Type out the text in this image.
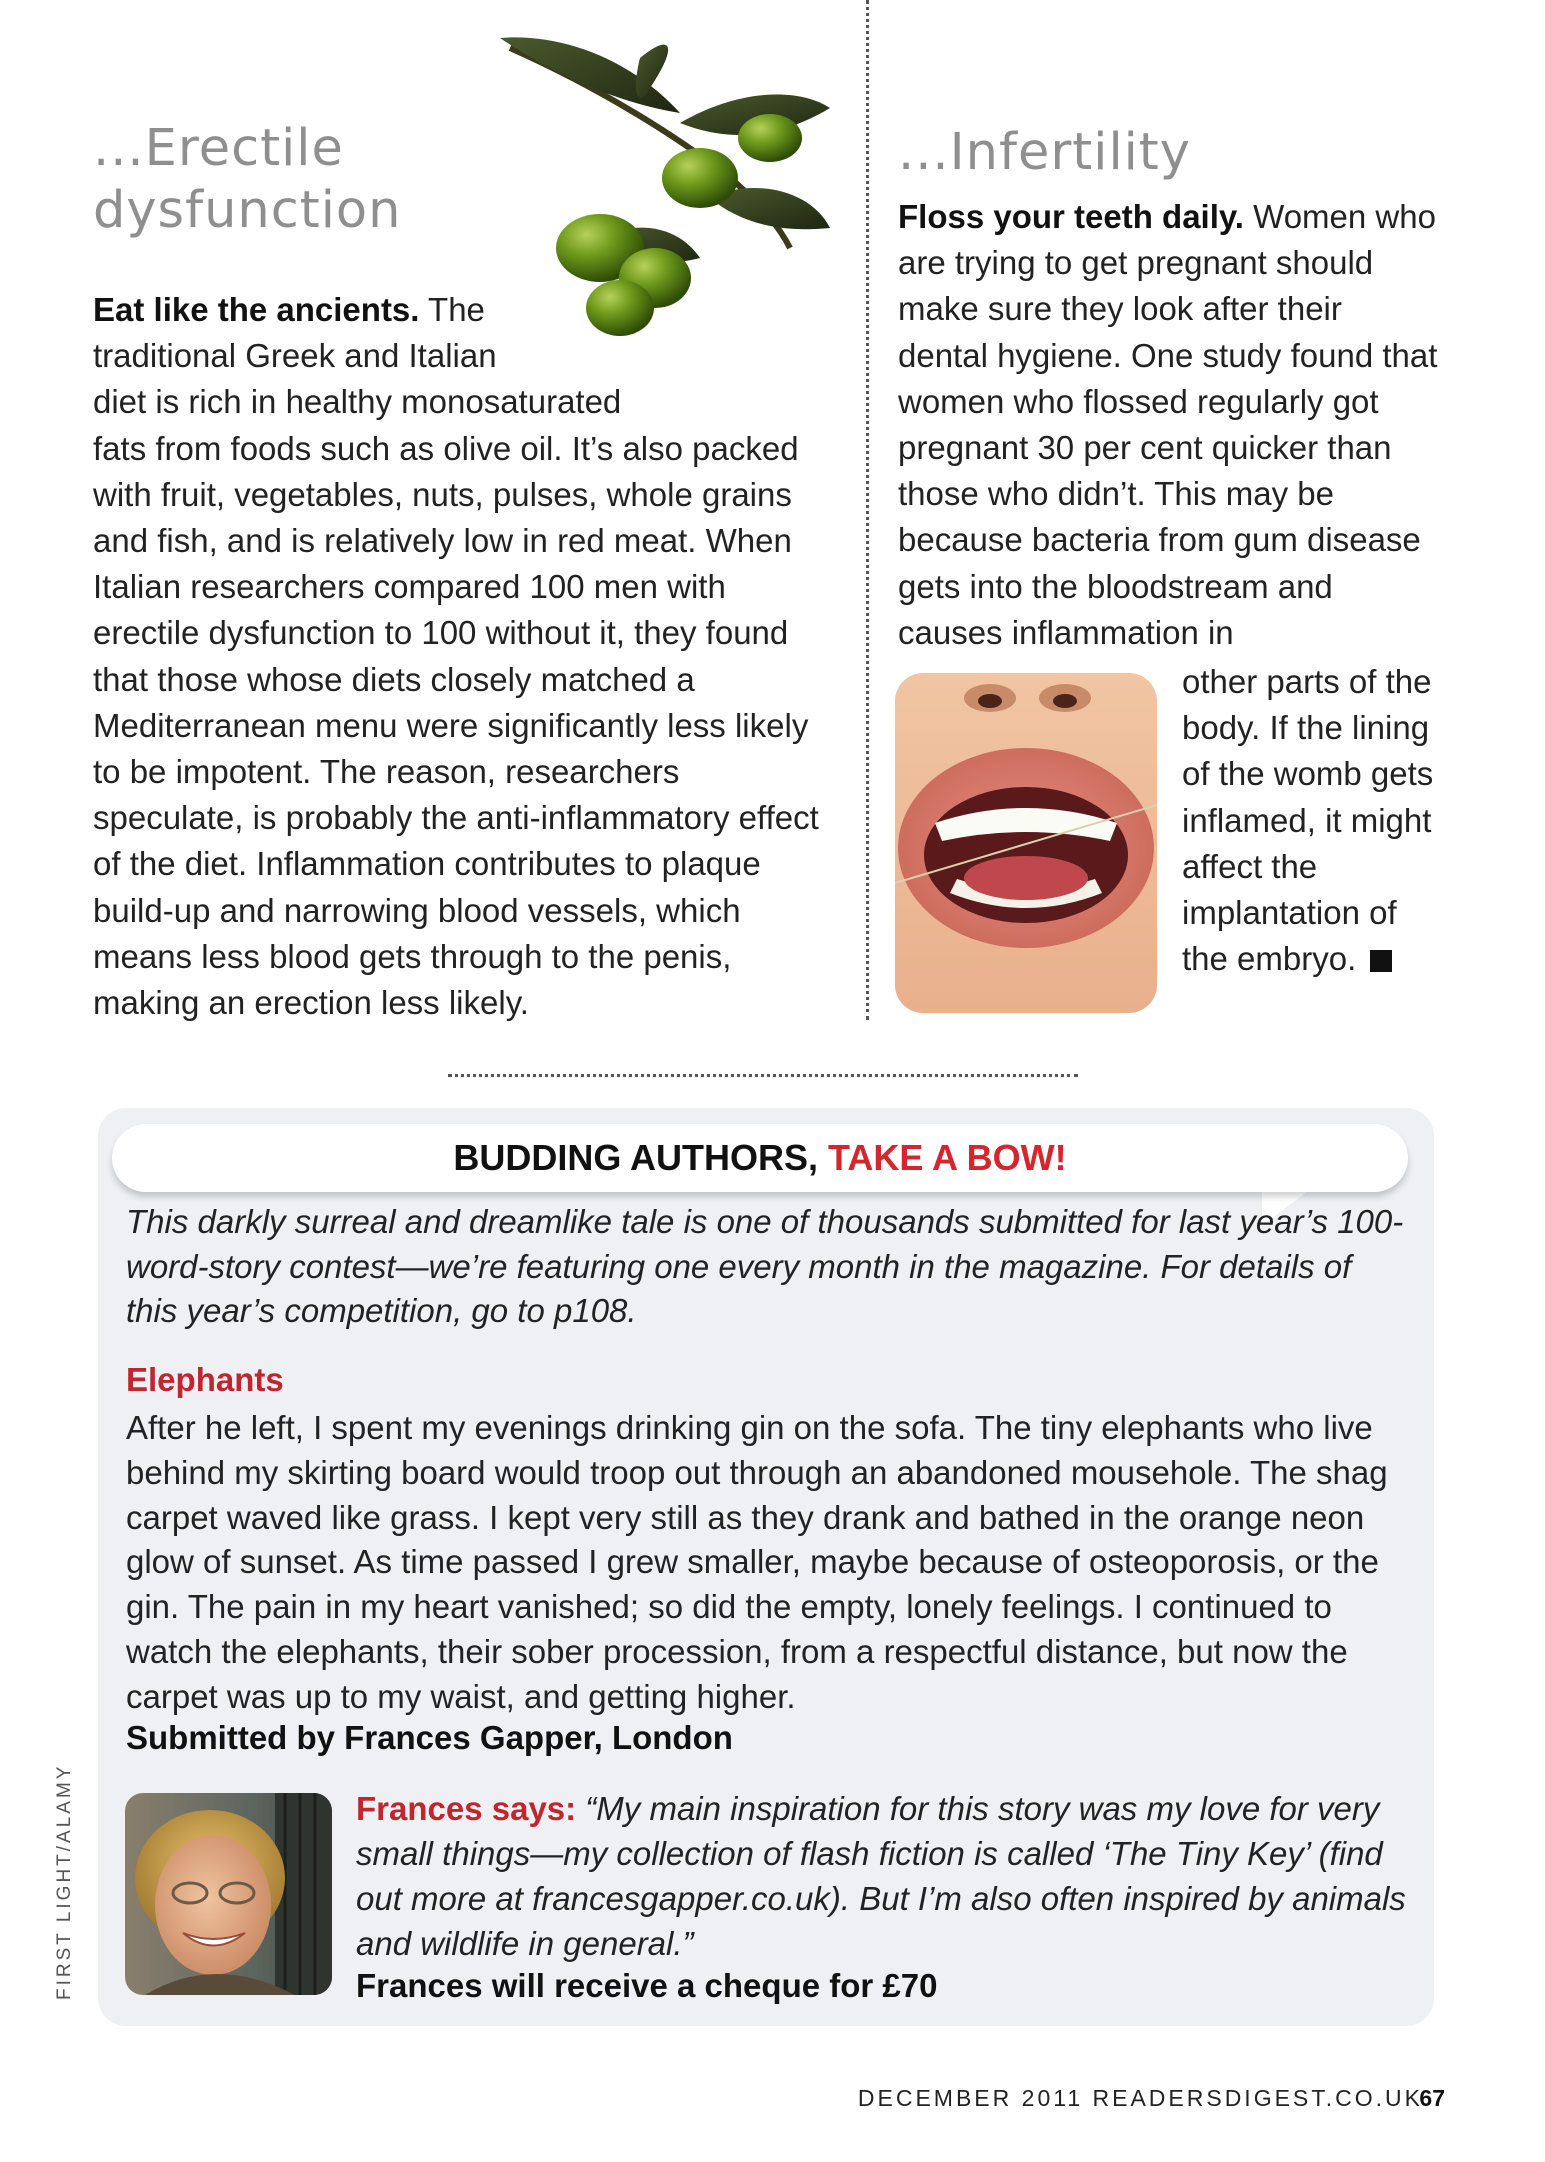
...Erectile
dysfunction
Eat like the ancients. The
traditional Greek and Italian
diet is rich in healthy monosaturated
fats from foods such as olive oil. It’s also packed with fruit, vegetables, nuts, pulses, whole grains and fish, and is relatively low in red meat. When Italian researchers compared 100 men with erectile dysfunction to 100 without it, they found that those whose diets closely matched a Mediterranean menu were significantly less likely to be impotent. The reason, researchers speculate, is probably the anti-inflammatory effect of the diet. Inflammation contributes to plaque build-up and narrowing blood vessels, which means less blood gets through to the penis, making an erection less likely.
...Infertility
Floss your teeth daily. Women who are trying to get pregnant should make sure they look after their dental hygiene. One study found that women who flossed regularly got pregnant 30 per cent quicker than those who didn’t. This may be because bacteria from gum disease gets into the bloodstream and causes inflammation in
other parts of the body. If the lining of the womb gets inflamed, it might affect the implantation of the embryo.
BUDDING AUTHORS, TAKE A BOW!
This darkly surreal and dreamlike tale is one of thousands submitted for last year’s 100-word-story contest—we’re featuring one every month in the magazine. For details of this year’s competition, go to p108.
Elephants
After he left, I spent my evenings drinking gin on the sofa. The tiny elephants who live behind my skirting board would troop out through an abandoned mousehole. The shag carpet waved like grass. I kept very still as they drank and bathed in the orange neon glow of sunset. As time passed I grew smaller, maybe because of osteoporosis, or the gin. The pain in my heart vanished; so did the empty, lonely feelings. I continued to watch the elephants, their sober procession, from a respectful distance, but now the carpet was up to my waist, and getting higher.
Submitted by Frances Gapper, London
Frances says: “My main inspiration for this story was my love for very small things—my collection of flash fiction is called ‘The Tiny Key’ (find out more at francesgapper.co.uk). But I’m also often inspired by animals and wildlife in general.”
Frances will receive a cheque for £70
FIRST LIGHT/ALAMY
DECEMBER 2011 READERSDIGEST.CO.UK
67
